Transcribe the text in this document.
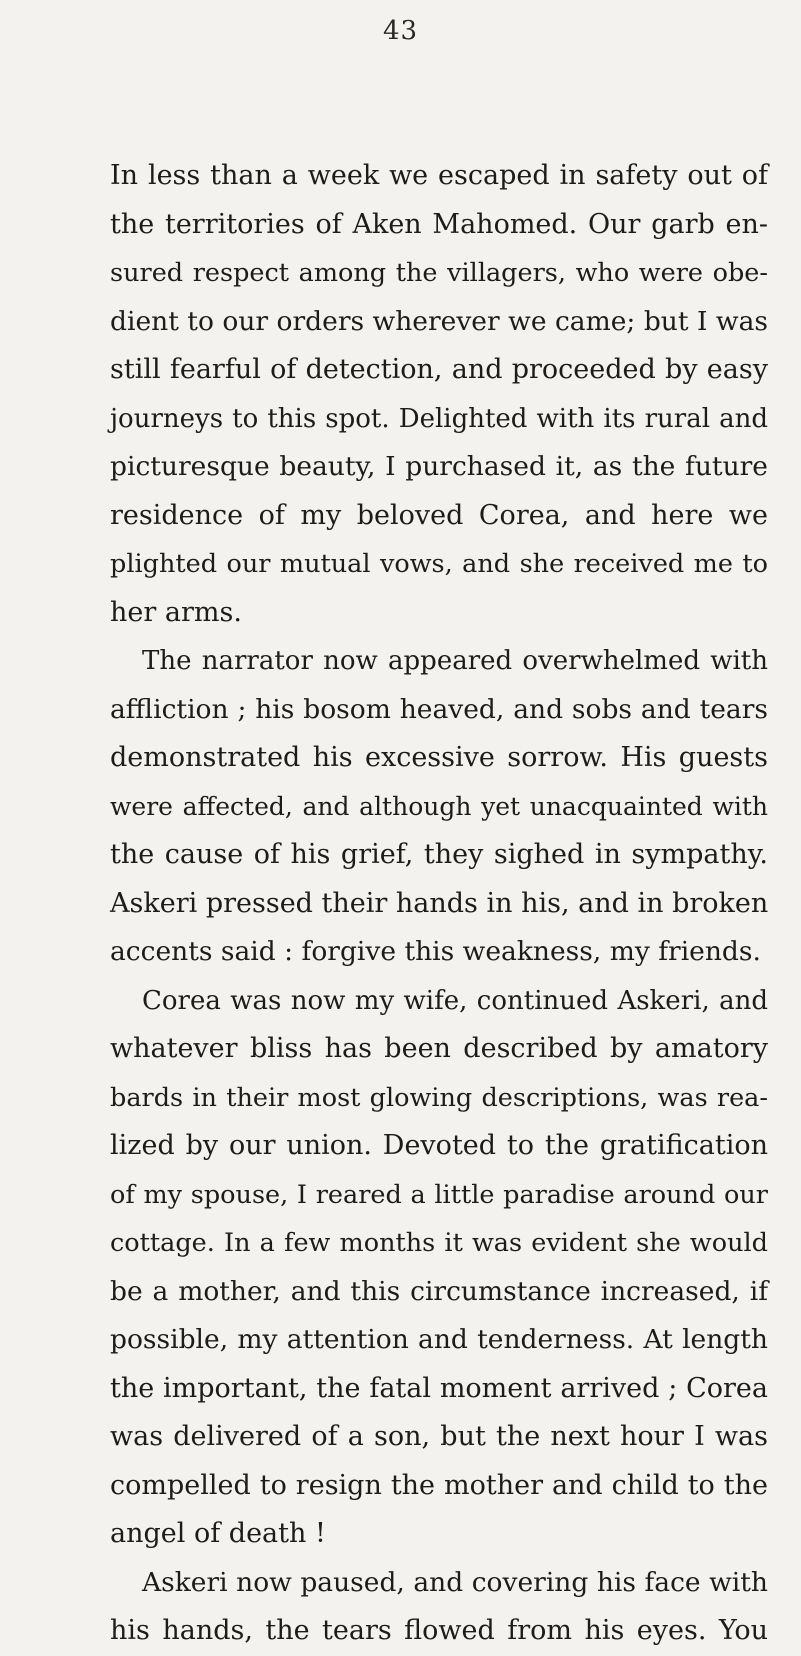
43
In less than a week we escaped in safety out of
the territories of Aken Mahomed. Our garb en-
sured respect among the villagers, who were obe-
dient to our orders wherever we came; but I was
still fearful of detection, and proceeded by easy
journeys to this spot. Delighted with its rural and
picturesque beauty, I purchased it, as the future
residence of my beloved Corea, and here we
plighted our mutual vows, and she received me to
her arms.
The narrator now appeared overwhelmed with
affliction ; his bosom heaved, and sobs and tears
demonstrated his excessive sorrow. His guests
were affected, and although yet unacquainted with
the cause of his grief, they sighed in sympathy.
Askeri pressed their hands in his, and in broken
accents said : forgive this weakness, my friends.
Corea was now my wife, continued Askeri, and
whatever bliss has been described by amatory
bards in their most glowing descriptions, was rea-
lized by our union. Devoted to the gratification
of my spouse, I reared a little paradise around our
cottage. In a few months it was evident she would
be a mother, and this circumstance increased, if
possible, my attention and tenderness. At length
the important, the fatal moment arrived ; Corea
was delivered of a son, but the next hour I was
compelled to resign the mother and child to the
angel of death !
Askeri now paused, and covering his face with
his hands, the tears flowed from his eyes. You
